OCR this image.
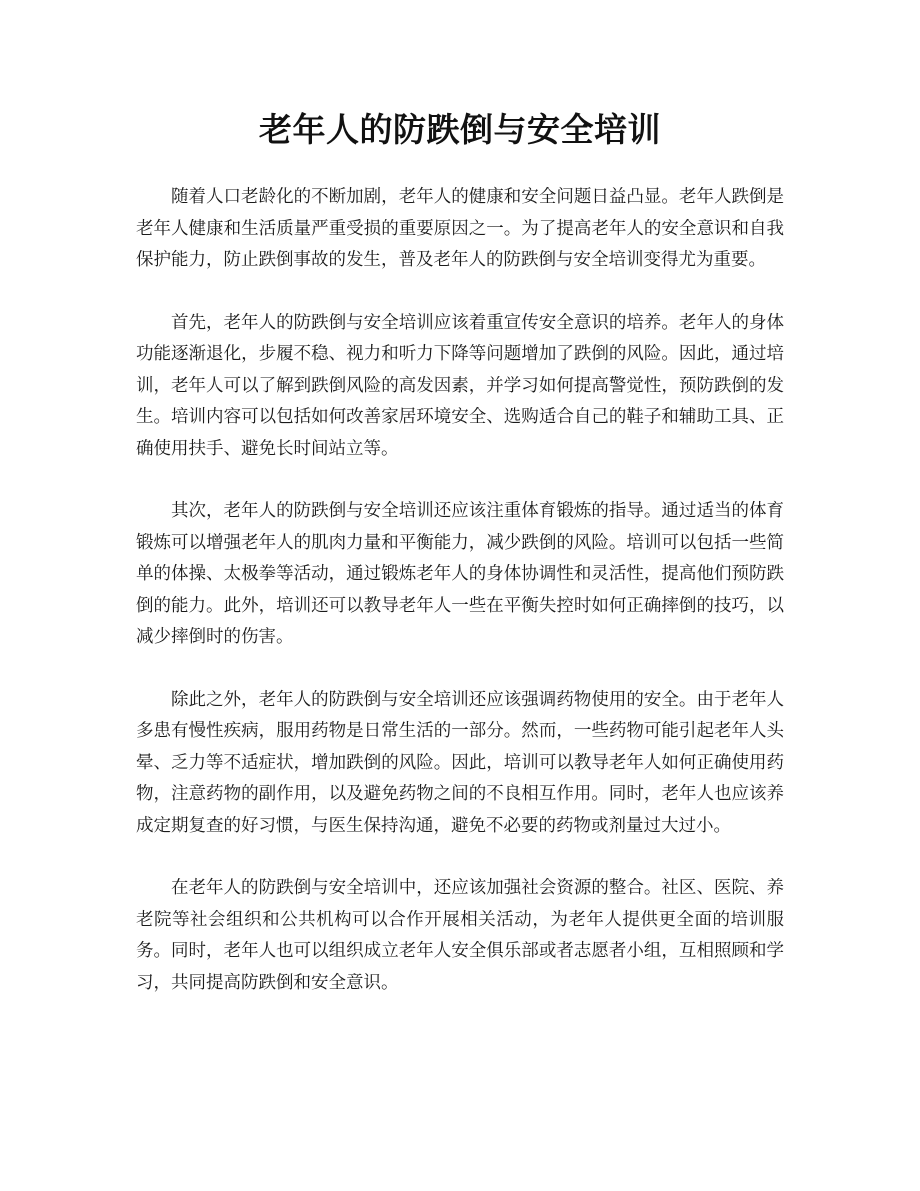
老年人的防跌倒与安全培训

随着人口老龄化的不断加剧，老年人的健康和安全问题日益凸显。老年人跌倒是老年人健康和生活质量严重受损的重要原因之一。为了提高老年人的安全意识和自我保护能力，防止跌倒事故的发生，普及老年人的防跌倒与安全培训变得尤为重要。

首先，老年人的防跌倒与安全培训应该着重宣传安全意识的培养。老年人的身体功能逐渐退化，步履不稳、视力和听力下降等问题增加了跌倒的风险。因此，通过培训，老年人可以了解到跌倒风险的高发因素，并学习如何提高警觉性，预防跌倒的发生。培训内容可以包括如何改善家居环境安全、选购适合自己的鞋子和辅助工具、正确使用扶手、避免长时间站立等。

其次，老年人的防跌倒与安全培训还应该注重体育锻炼的指导。通过适当的体育锻炼可以增强老年人的肌肉力量和平衡能力，减少跌倒的风险。培训可以包括一些简单的体操、太极拳等活动，通过锻炼老年人的身体协调性和灵活性，提高他们预防跌倒的能力。此外，培训还可以教导老年人一些在平衡失控时如何正确摔倒的技巧，以减少摔倒时的伤害。

除此之外，老年人的防跌倒与安全培训还应该强调药物使用的安全。由于老年人多患有慢性疾病，服用药物是日常生活的一部分。然而，一些药物可能引起老年人头晕、乏力等不适症状，增加跌倒的风险。因此，培训可以教导老年人如何正确使用药物，注意药物的副作用，以及避免药物之间的不良相互作用。同时，老年人也应该养成定期复查的好习惯，与医生保持沟通，避免不必要的药物或剂量过大过小。

在老年人的防跌倒与安全培训中，还应该加强社会资源的整合。社区、医院、养老院等社会组织和公共机构可以合作开展相关活动，为老年人提供更全面的培训服务。同时，老年人也可以组织成立老年人安全俱乐部或者志愿者小组，互相照顾和学习，共同提高防跌倒和安全意识。
